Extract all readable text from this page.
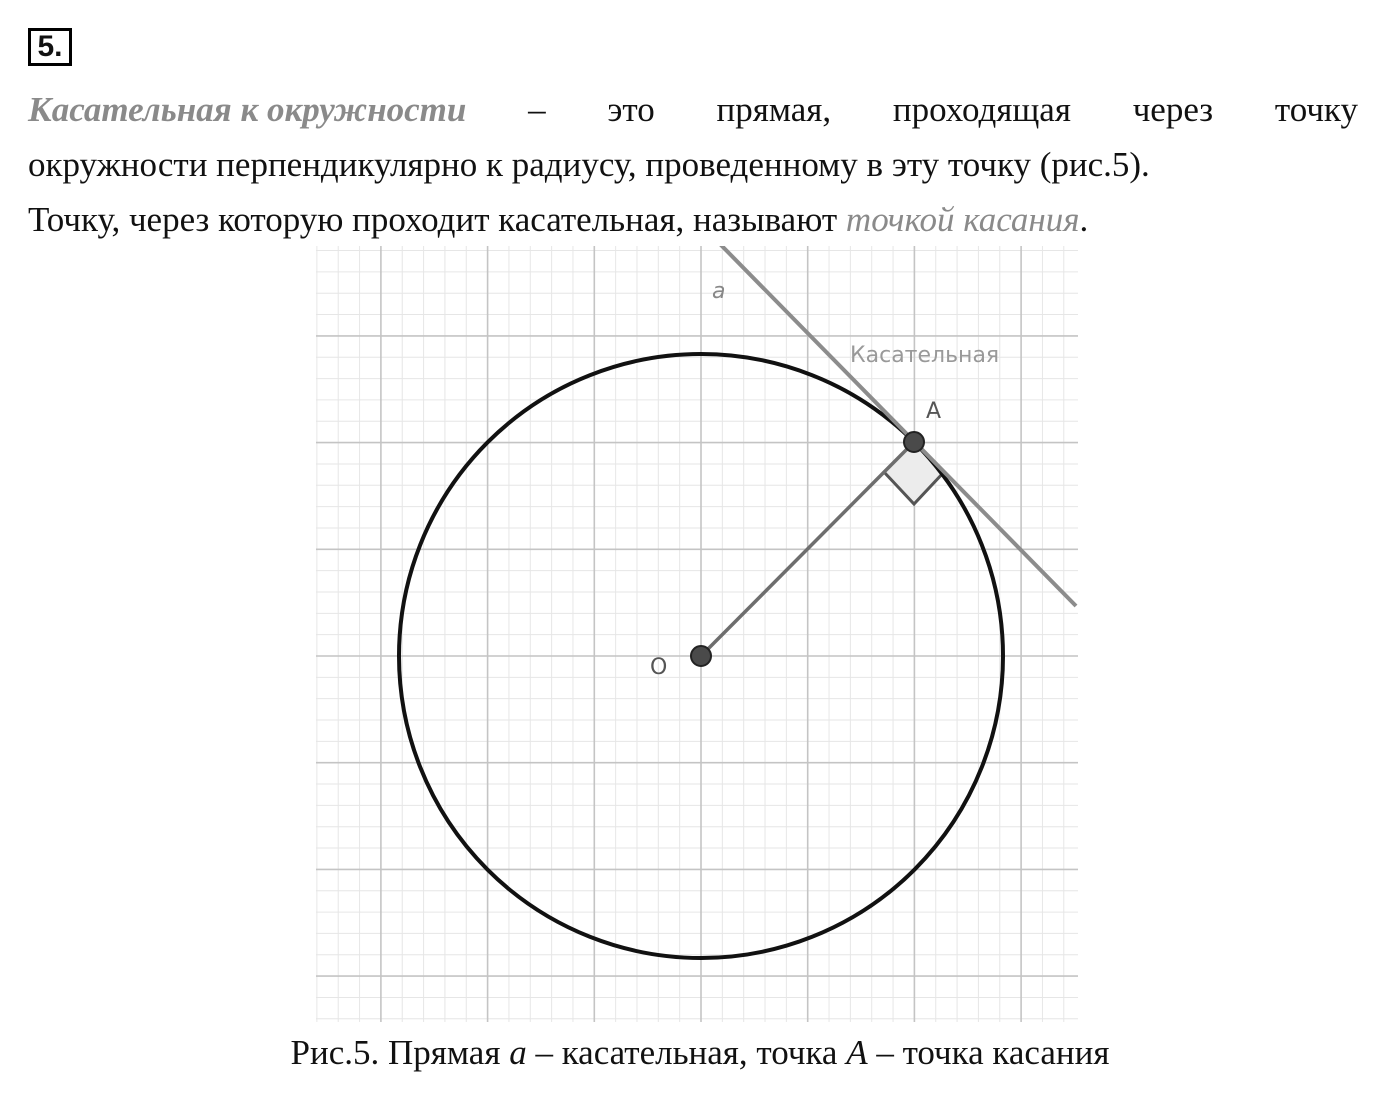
5.
Касательная к окружности – это прямая, проходящая через точку
окружности перпендикулярно к радиусу, проведенному в эту точку (рис.5).
Точку, через которую проходит касательная, называют точкой касания.
a
Касательная
A
O
Рис.5. Прямая a – касательная, точка A – точка касания
